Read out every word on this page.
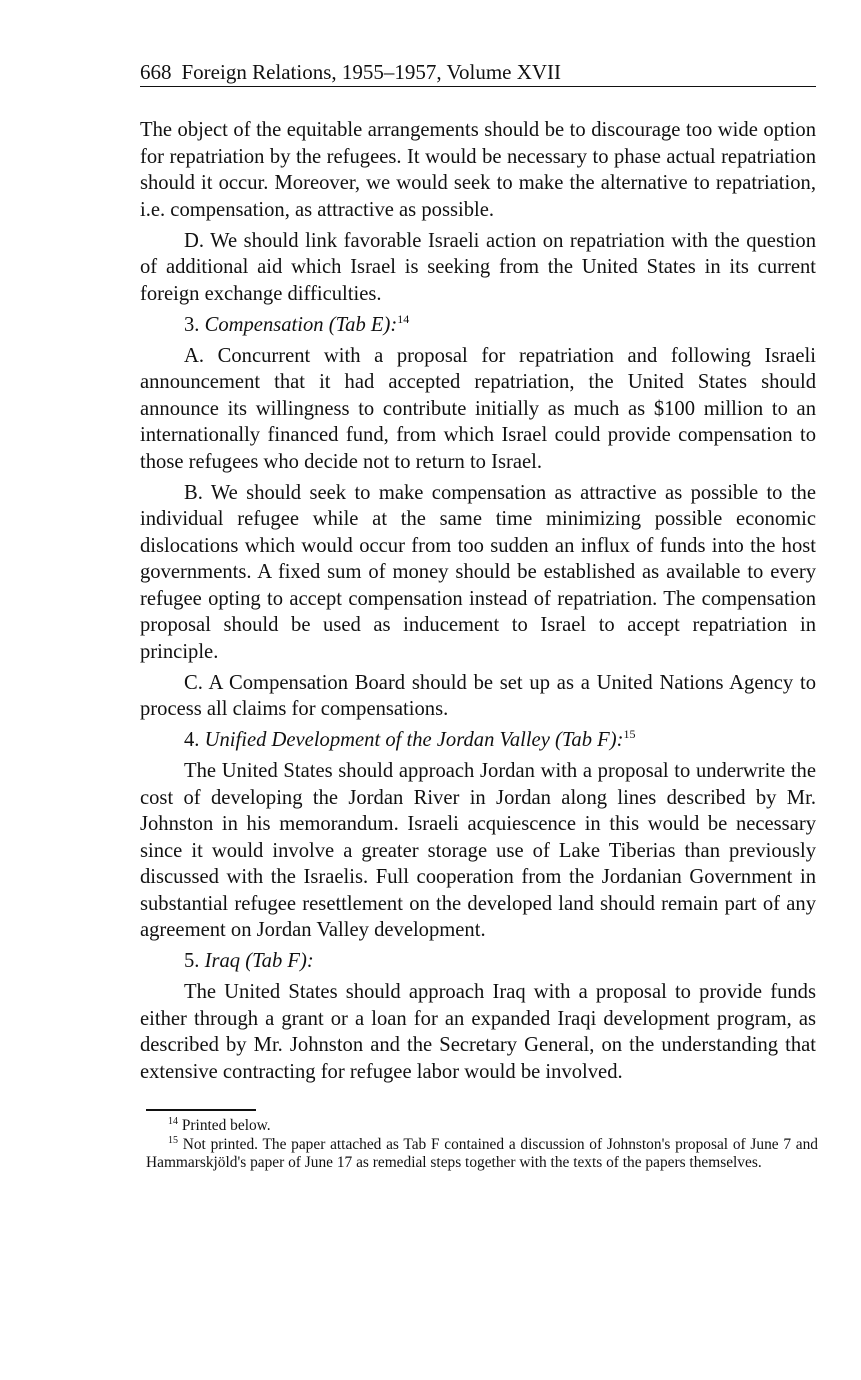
668 Foreign Relations, 1955–1957, Volume XVII

The object of the equitable arrangements should be to discourage too wide option for repatriation by the refugees. It would be necessary to phase actual repatriation should it occur. Moreover, we would seek to make the alternative to repatriation, i.e. compensation, as attractive as possible.

D. We should link favorable Israeli action on repatriation with the question of additional aid which Israel is seeking from the United States in its current foreign exchange difficulties.

3. Compensation (Tab E):$^{14}$

A. Concurrent with a proposal for repatriation and following Israeli announcement that it had accepted repatriation, the United States should announce its willingness to contribute initially as much as $100 million to an internationally financed fund, from which Israel could provide compensation to those refugees who decide not to return to Israel.

B. We should seek to make compensation as attractive as possible to the individual refugee while at the same time minimizing possible economic dislocations which would occur from too sudden an influx of funds into the host governments. A fixed sum of money should be established as available to every refugee opting to accept compensation instead of repatriation. The compensation proposal should be used as inducement to Israel to accept repatriation in principle.

C. A Compensation Board should be set up as a United Nations Agency to process all claims for compensations.

4. Unified Development of the Jordan Valley (Tab F):$^{15}$

The United States should approach Jordan with a proposal to underwrite the cost of developing the Jordan River in Jordan along lines described by Mr. Johnston in his memorandum. Israeli acquiescence in this would be necessary since it would involve a greater storage use of Lake Tiberias than previously discussed with the Israelis. Full cooperation from the Jordanian Government in substantial refugee resettlement on the developed land should remain part of any agreement on Jordan Valley development.

5. Iraq (Tab F):

The United States should approach Iraq with a proposal to provide funds either through a grant or a loan for an expanded Iraqi development program, as described by Mr. Johnston and the Secretary General, on the understanding that extensive contracting for refugee labor would be involved.

$^{14}$ Printed below.

$^{15}$ Not printed. The paper attached as Tab F contained a discussion of Johnston's proposal of June 7 and Hammarskjöld's paper of June 17 as remedial steps together with the texts of the papers themselves.
